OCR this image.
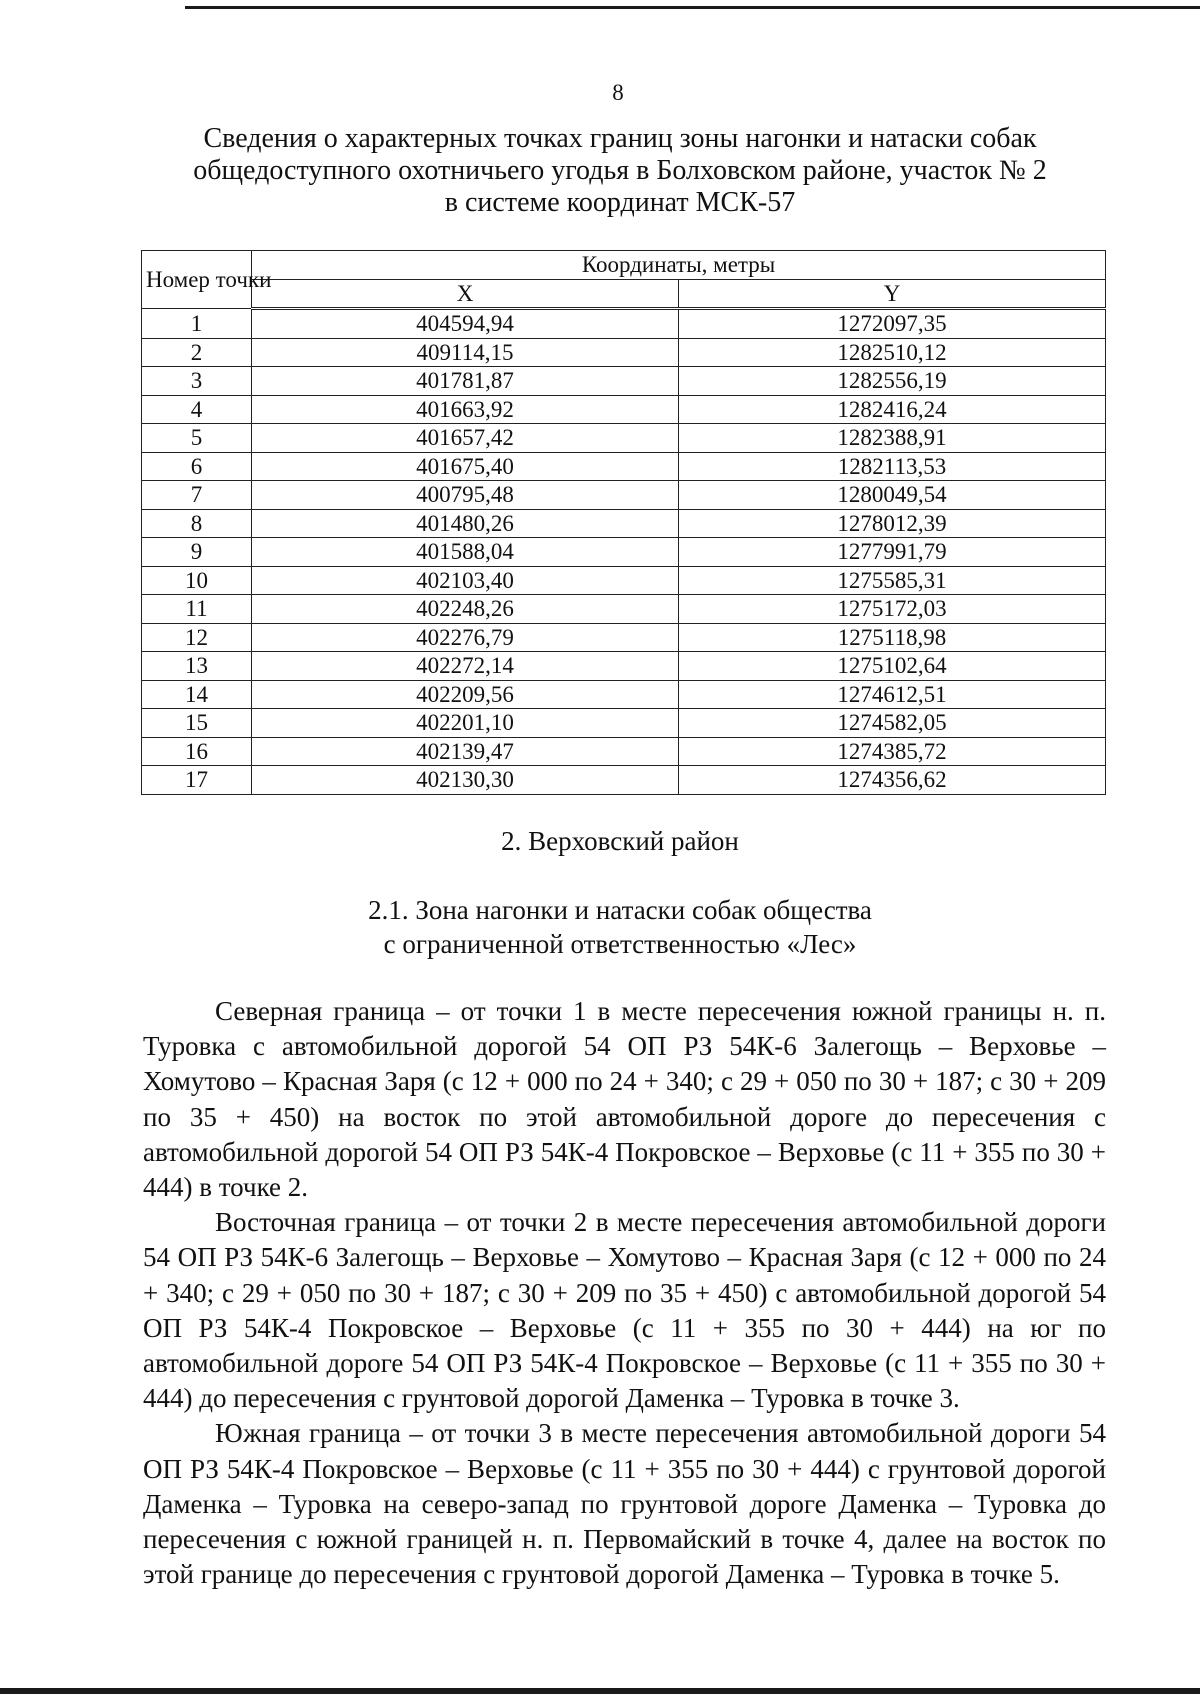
8
Сведения о характерных точках границ зоны нагонки и натаски собак
общедоступного охотничьего угодья в Болховском районе, участок № 2
в системе координат МСК-57
Номер точки	Координаты, метры	
	X	Y
1	404594,94	1272097,35
2	409114,15	1282510,12
3	401781,87	1282556,19
4	401663,92	1282416,24
5	401657,42	1282388,91
6	401675,40	1282113,53
7	400795,48	1280049,54
8	401480,26	1278012,39
9	401588,04	1277991,79
10	402103,40	1275585,31
11	402248,26	1275172,03
12	402276,79	1275118,98
13	402272,14	1275102,64
14	402209,56	1274612,51
15	402201,10	1274582,05
16	402139,47	1274385,72
17	402130,30	1274356,62
2. Верховский район
2.1. Зона нагонки и натаски собак общества
с ограниченной ответственностью «Лес»

Северная граница – от точки 1 в месте пересечения южной границы н. п. Туровка с автомобильной дорогой 54 ОП РЗ 54К-6 Залегощь – Верховье – Хомутово – Красная Заря (с 12 + 000 по 24 + 340; с 29 + 050 по 30 + 187; с 30 + 209 по 35 + 450) на восток по этой автомобильной дороге до пересечения с автомобильной дорогой 54 ОП РЗ 54К-4 Покровское – Верховье (с 11 + 355 по 30 + 444) в точке 2.

Восточная граница – от точки 2 в месте пересечения автомобильной дороги 54 ОП РЗ 54К-6 Залегощь – Верховье – Хомутово – Красная Заря (с 12 + 000 по 24 + 340; с 29 + 050 по 30 + 187; с 30 + 209 по 35 + 450) с автомобильной дорогой 54 ОП РЗ 54К-4 Покровское – Верховье (с 11 + 355 по 30 + 444) на юг по автомобильной дороге 54 ОП РЗ 54К-4 Покровское – Верховье (с 11 + 355 по 30 + 444) до пересечения с грунтовой дорогой Даменка – Туровка в точке 3.

Южная граница – от точки 3 в месте пересечения автомобильной дороги 54 ОП РЗ 54К-4 Покровское – Верховье (с 11 + 355 по 30 + 444) с грунтовой дорогой Даменка – Туровка на северо-запад по грунтовой дороге Даменка – Туровка до пересечения с южной границей н. п. Первомайский в точке 4, далее на восток по этой границе до пересечения с грунтовой дорогой Даменка – Туровка в точке 5.
